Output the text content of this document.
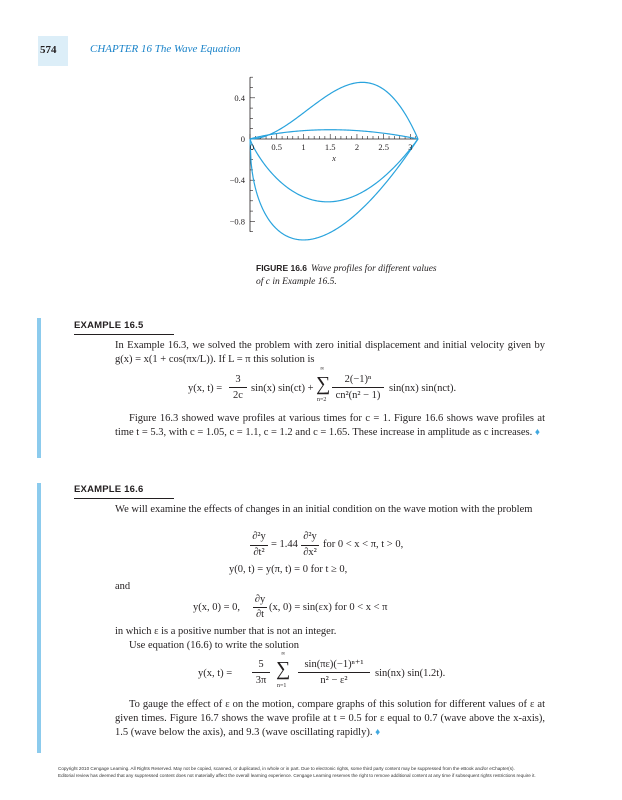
574	CHAPTER 16 The Wave Equation
0.4
0
−0.4
−0.8
0 0.5 1 1.5 2 2.5 3
x
FIGURE 16.6 Wave profiles for different values of c in Example 16.5.
EXAMPLE 16.5
In Example 16.3, we solved the problem with zero initial displacement and initial velocity given by g(x) = x(1 + cos(πx/L)). If L = π this solution is
y(x, t) =
3
2c
sin(x) sin(ct) +
∞
∑
n=2
2(−1)ⁿ
cn²(n² − 1)
sin(nx) sin(nct).
Figure 16.3 showed wave profiles at various times for c = 1. Figure 16.6 shows wave profiles at time t = 5.3, with c = 1.05, c = 1.1, c = 1.2 and c = 1.65. These increase in amplitude as c increases. ♦
EXAMPLE 16.6
We will examine the effects of changes in an initial condition on the wave motion with the problem
∂²y
∂t²
= 1.44
∂²y
∂x²
for 0 < x < π, t > 0,
y(0, t) = y(π, t) = 0 for t ≥ 0,
and
y(x, 0) = 0,
∂y
∂t
(x, 0) = sin(εx) for 0 < x < π
in which ε is a positive number that is not an integer.
Use equation (16.6) to write the solution
y(x, t) =
5
3π
∞
∑
n=1
sin(πε)(−1)ⁿ⁺¹
n² − ε²
sin(nx) sin(1.2t).
To gauge the effect of ε on the motion, compare graphs of this solution for different values of ε at given times. Figure 16.7 shows the wave profile at t = 0.5 for ε equal to 0.7 (wave above the x-axis), 1.5 (wave below the axis), and 9.3 (wave oscillating rapidly). ♦
Copyright 2010 Cengage Learning. All Rights Reserved. May not be copied, scanned, or duplicated, in whole or in part. Due to electronic rights, some third party content may be suppressed from the eBook and/or eChapter(s).
Editorial review has deemed that any suppressed content does not materially affect the overall learning experience. Cengage Learning reserves the right to remove additional content at any time if subsequent rights restrictions require it.
